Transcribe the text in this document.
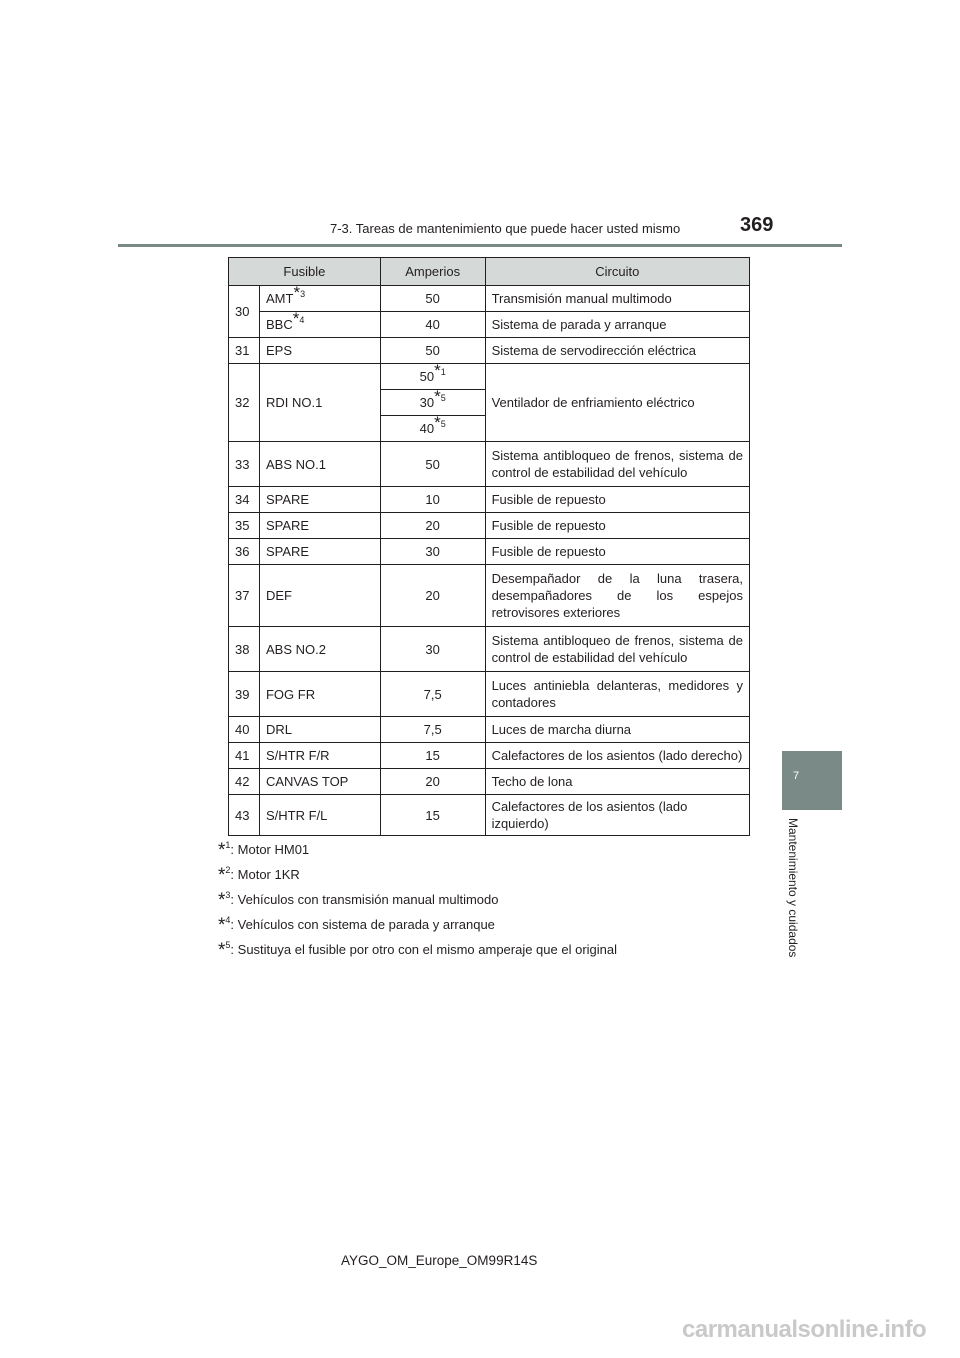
7-3. Tareas de mantenimiento que puede hacer usted mismo	369
7
Mantenimiento y cuidados
Fusible		Amperios	Circuito
30	AMT*$^3$	50	Transmisión manual multimodo
	BBC*$^4$	40	Sistema de parada y arranque
31	EPS	50	Sistema de servodirección eléctrica
32	RDI NO.1	50*$^1$	Ventilador de enfriamiento eléctrico
		30*$^5$
		40*$^5$
33	ABS NO.1	50	Sistema antibloqueo de frenos, sistema de control de estabilidad del vehículo
34	SPARE	10	Fusible de repuesto
35	SPARE	20	Fusible de repuesto
36	SPARE	30	Fusible de repuesto
37	DEF	20	Desempañador de la luna trasera, desempañadores de los espejos retrovisores exteriores
38	ABS NO.2	30	Sistema antibloqueo de frenos, sistema de control de estabilidad del vehículo
39	FOG FR	7,5	Luces antiniebla delanteras, medidores y contadores
40	DRL	7,5	Luces de marcha diurna
41	S/HTR F/R	15	Calefactores de los asientos (lado derecho)
42	CANVAS TOP	20	Techo de lona
43	S/HTR F/L	15	Calefactores de los asientos (lado izquierdo)
*$^1$: Motor HM01
*$^2$: Motor 1KR
*$^3$: Vehículos con transmisión manual multimodo
*$^4$: Vehículos con sistema de parada y arranque
*$^5$: Sustituya el fusible por otro con el mismo amperaje que el original
AYGO_OM_Europe_OM99R14S
carmanualsonline.info
